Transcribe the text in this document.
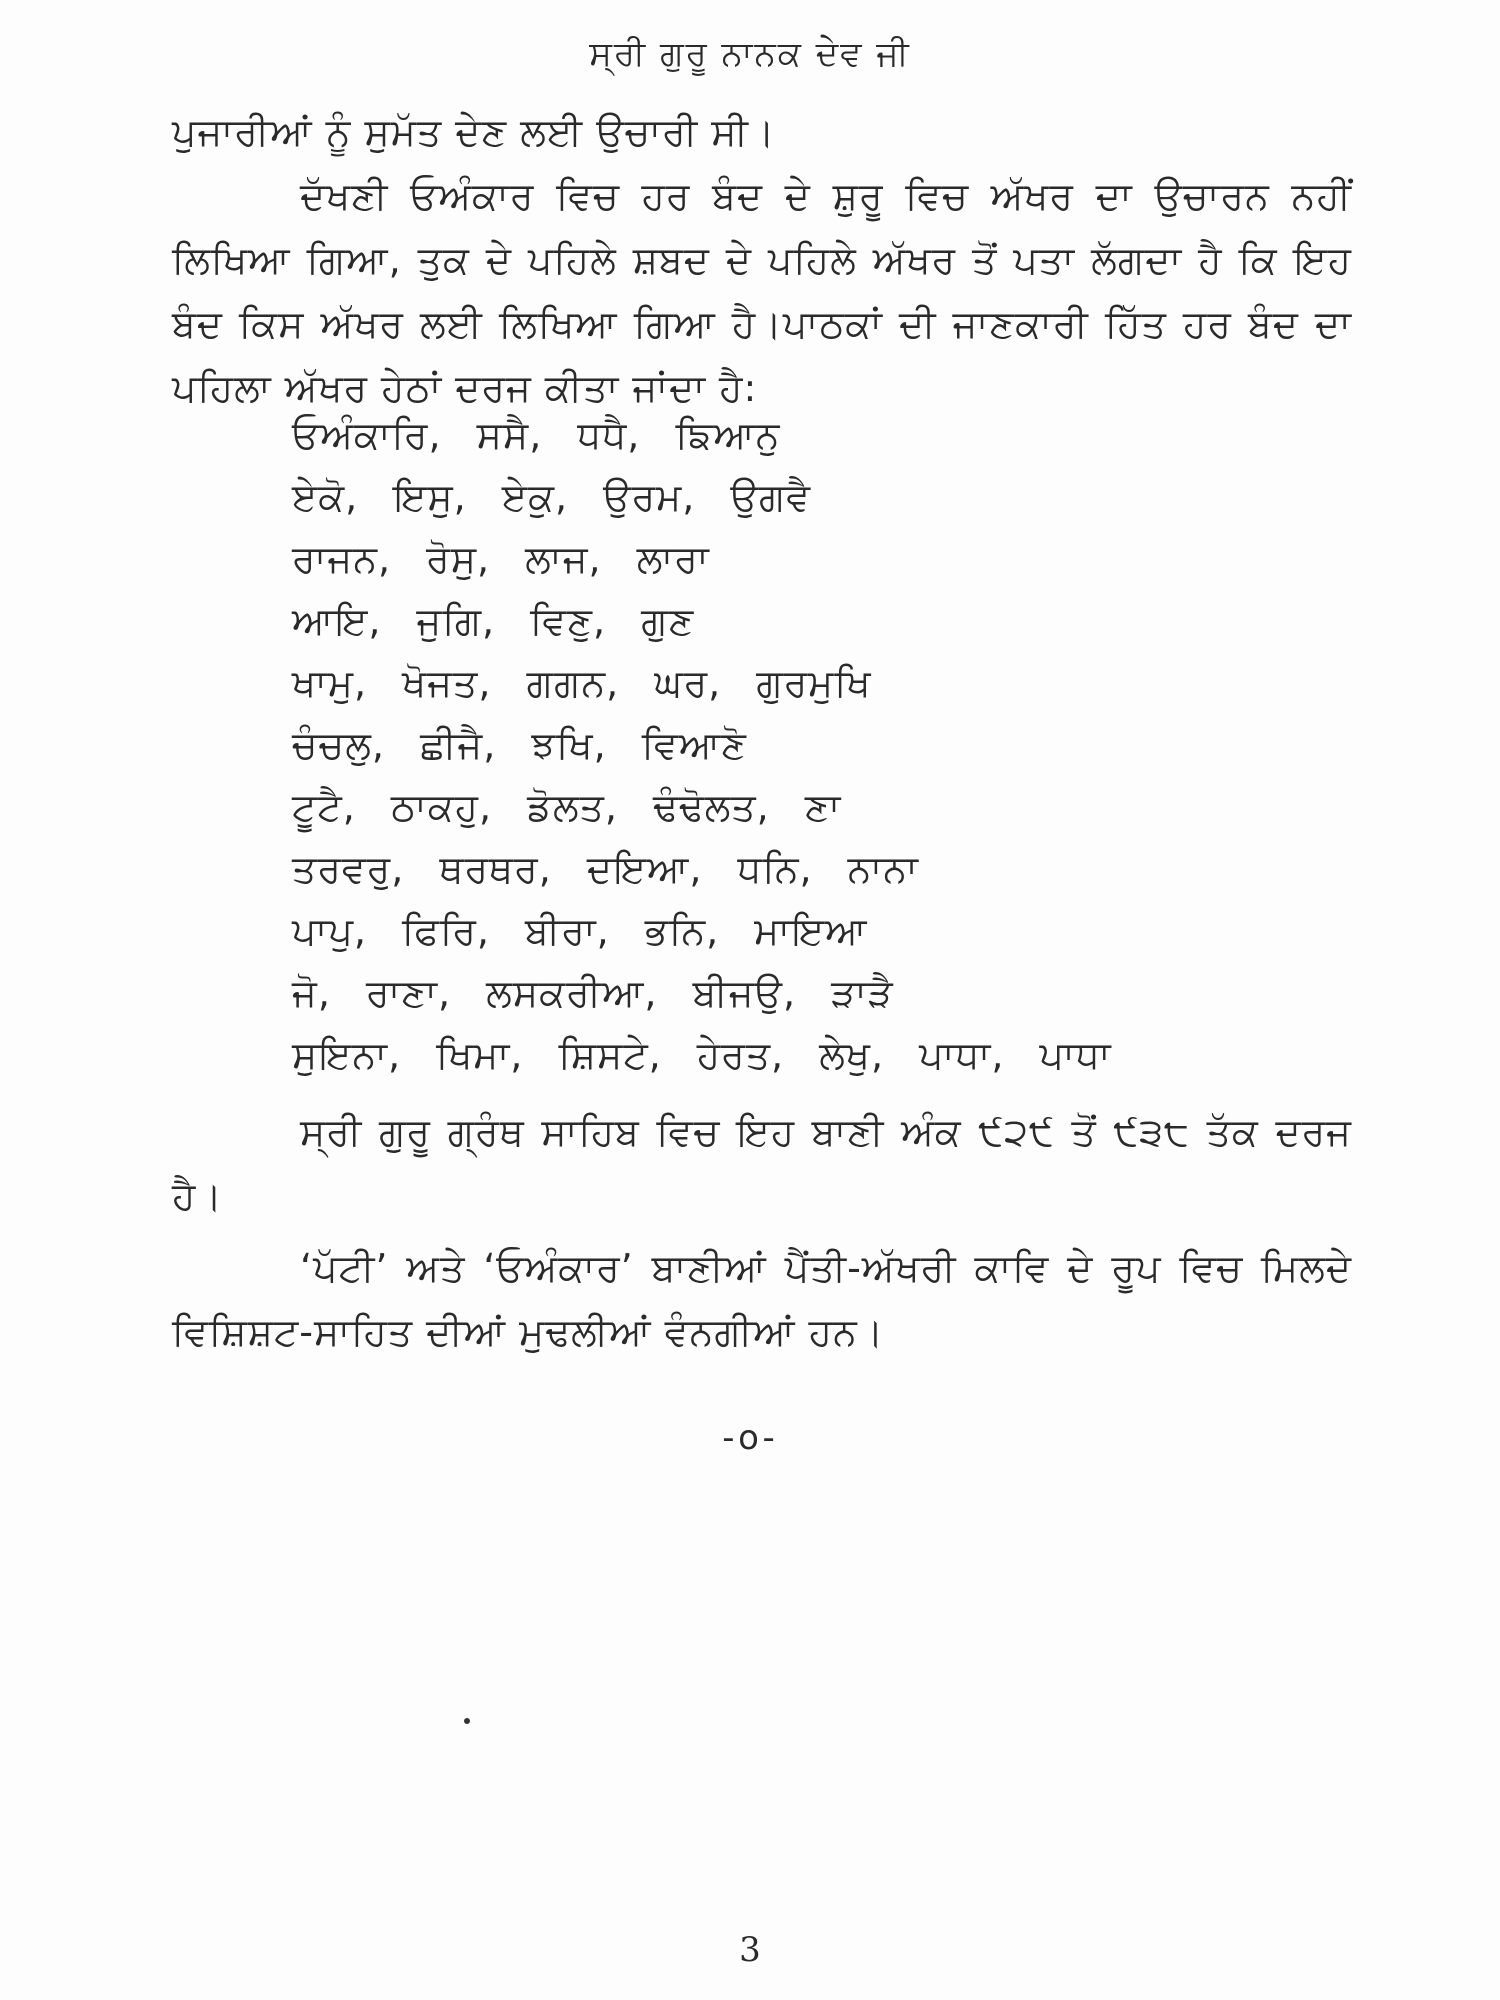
ਸ੍ਰੀ ਗੁਰੂ ਨਾਨਕ ਦੇਵ ਜੀ

ਪੁਜਾਰੀਆਂ ਨੂੰ ਸੁਮੱਤ ਦੇਣ ਲਈ ਉਚਾਰੀ ਸੀ।

ਦੱਖਣੀ ਓਅੰਕਾਰ ਵਿਚ ਹਰ ਬੰਦ ਦੇ ਸ਼ੁਰੂ ਵਿਚ ਅੱਖਰ ਦਾ ਉਚਾਰਨ ਨਹੀਂ ਲਿਖਿਆ ਗਿਆ, ਤੁਕ ਦੇ ਪਹਿਲੇ ਸ਼ਬਦ ਦੇ ਪਹਿਲੇ ਅੱਖਰ ਤੋਂ ਪਤਾ ਲੱਗਦਾ ਹੈ ਕਿ ਇਹ ਬੰਦ ਕਿਸ ਅੱਖਰ ਲਈ ਲਿਖਿਆ ਗਿਆ ਹੈ।ਪਾਠਕਾਂ ਦੀ ਜਾਣਕਾਰੀ ਹਿੱਤ ਹਰ ਬੰਦ ਦਾ ਪਹਿਲਾ ਅੱਖਰ ਹੇਠਾਂ ਦਰਜ ਕੀਤਾ ਜਾਂਦਾ ਹੈ:

ਓਅੰਕਾਰਿ, ਸਸੈ, ਧਧੈ, ਙਿਆਨੁ
ਏਕੋ, ਇਸੁ, ਏਕੁ, ਉਰਮ, ਉਗਵੈ
ਰਾਜਨ, ਰੋਸੁ, ਲਾਜ, ਲਾਰਾ
ਆਇ, ਜੁਗਿ, ਵਿਣੁ, ਗੁਣ
ਖਾਮੁ, ਖੋਜਤ, ਗਗਨ, ਘਰ, ਗੁਰਮੁਖਿ
ਚੰਚਲੁ, ਛੀਜੈ, ਝਖਿ, ਵਿਆਣੋ
ਟੂਟੈ, ਠਾਕਹੁ, ਡੋਲਤ, ਢੰਢੋਲਤ, ਣਾ
ਤਰਵਰੁ, ਥਰਥਰ, ਦਇਆ, ਧਨਿ, ਨਾਨਾ
ਪਾਪੁ, ਫਿਰਿ, ਬੀਰਾ, ਭਨਿ, ਮਾਇਆ
ਜੋ, ਰਾਣਾ, ਲਸਕਰੀਆ, ਬੀਜਉ, ੜਾੜੈ
ਸੁਇਨਾ, ਖਿਮਾ, ਸ਼ਿਸਟੇ, ਹੇਰਤ, ਲੇਖੁ, ਪਾਧਾ, ਪਾਧਾ

ਸ੍ਰੀ ਗੁਰੂ ਗ੍ਰੰਥ ਸਾਹਿਬ ਵਿਚ ਇਹ ਬਾਣੀ ਅੰਕ ੯੨੯ ਤੋਂ ੯੩੮ ਤੱਕ ਦਰਜ ਹੈ।

‘ਪੱਟੀ’ ਅਤੇ ‘ਓਅੰਕਾਰ’ ਬਾਣੀਆਂ ਪੈਂਤੀ-ਅੱਖਰੀ ਕਾਵਿ ਦੇ ਰੂਪ ਵਿਚ ਮਿਲਦੇ ਵਿਸ਼ਿਸ਼ਟ-ਸਾਹਿਤ ਦੀਆਂ ਮੁਢਲੀਆਂ ਵੰਨਗੀਆਂ ਹਨ।

-o-
3
